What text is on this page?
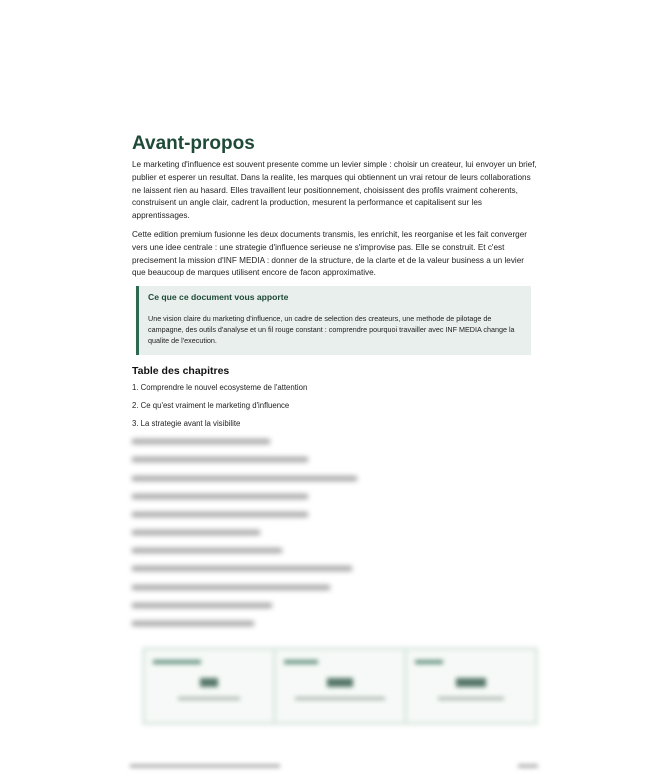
Avant-propos

Le marketing d'influence est souvent presente comme un levier simple : choisir un createur, lui envoyer un brief, publier et esperer un resultat. Dans la realite, les marques qui obtiennent un vrai retour de leurs collaborations ne laissent rien au hasard. Elles travaillent leur positionnement, choisissent des profils vraiment coherents, construisent un angle clair, cadrent la production, mesurent la performance et capitalisent sur les apprentissages.

Cette edition premium fusionne les deux documents transmis, les enrichit, les reorganise et les fait converger vers une idee centrale : une strategie d'influence serieuse ne s'improvise pas. Elle se construit. Et c'est precisement la mission d'INF MEDIA : donner de la structure, de la clarte et de la valeur business a un levier que beaucoup de marques utilisent encore de facon approximative.

Ce que ce document vous apporte

Une vision claire du marketing d'influence, un cadre de selection des createurs, une methode de pilotage de campagne, des outils d'analyse et un fil rouge constant : comprendre pourquoi travailler avec INF MEDIA change la qualite de l'execution.

Table des chapitres
1. Comprendre le nouvel ecosysteme de l'attention
2. Ce qu'est vraiment le marketing d'influence
3. La strategie avant la visibilite
